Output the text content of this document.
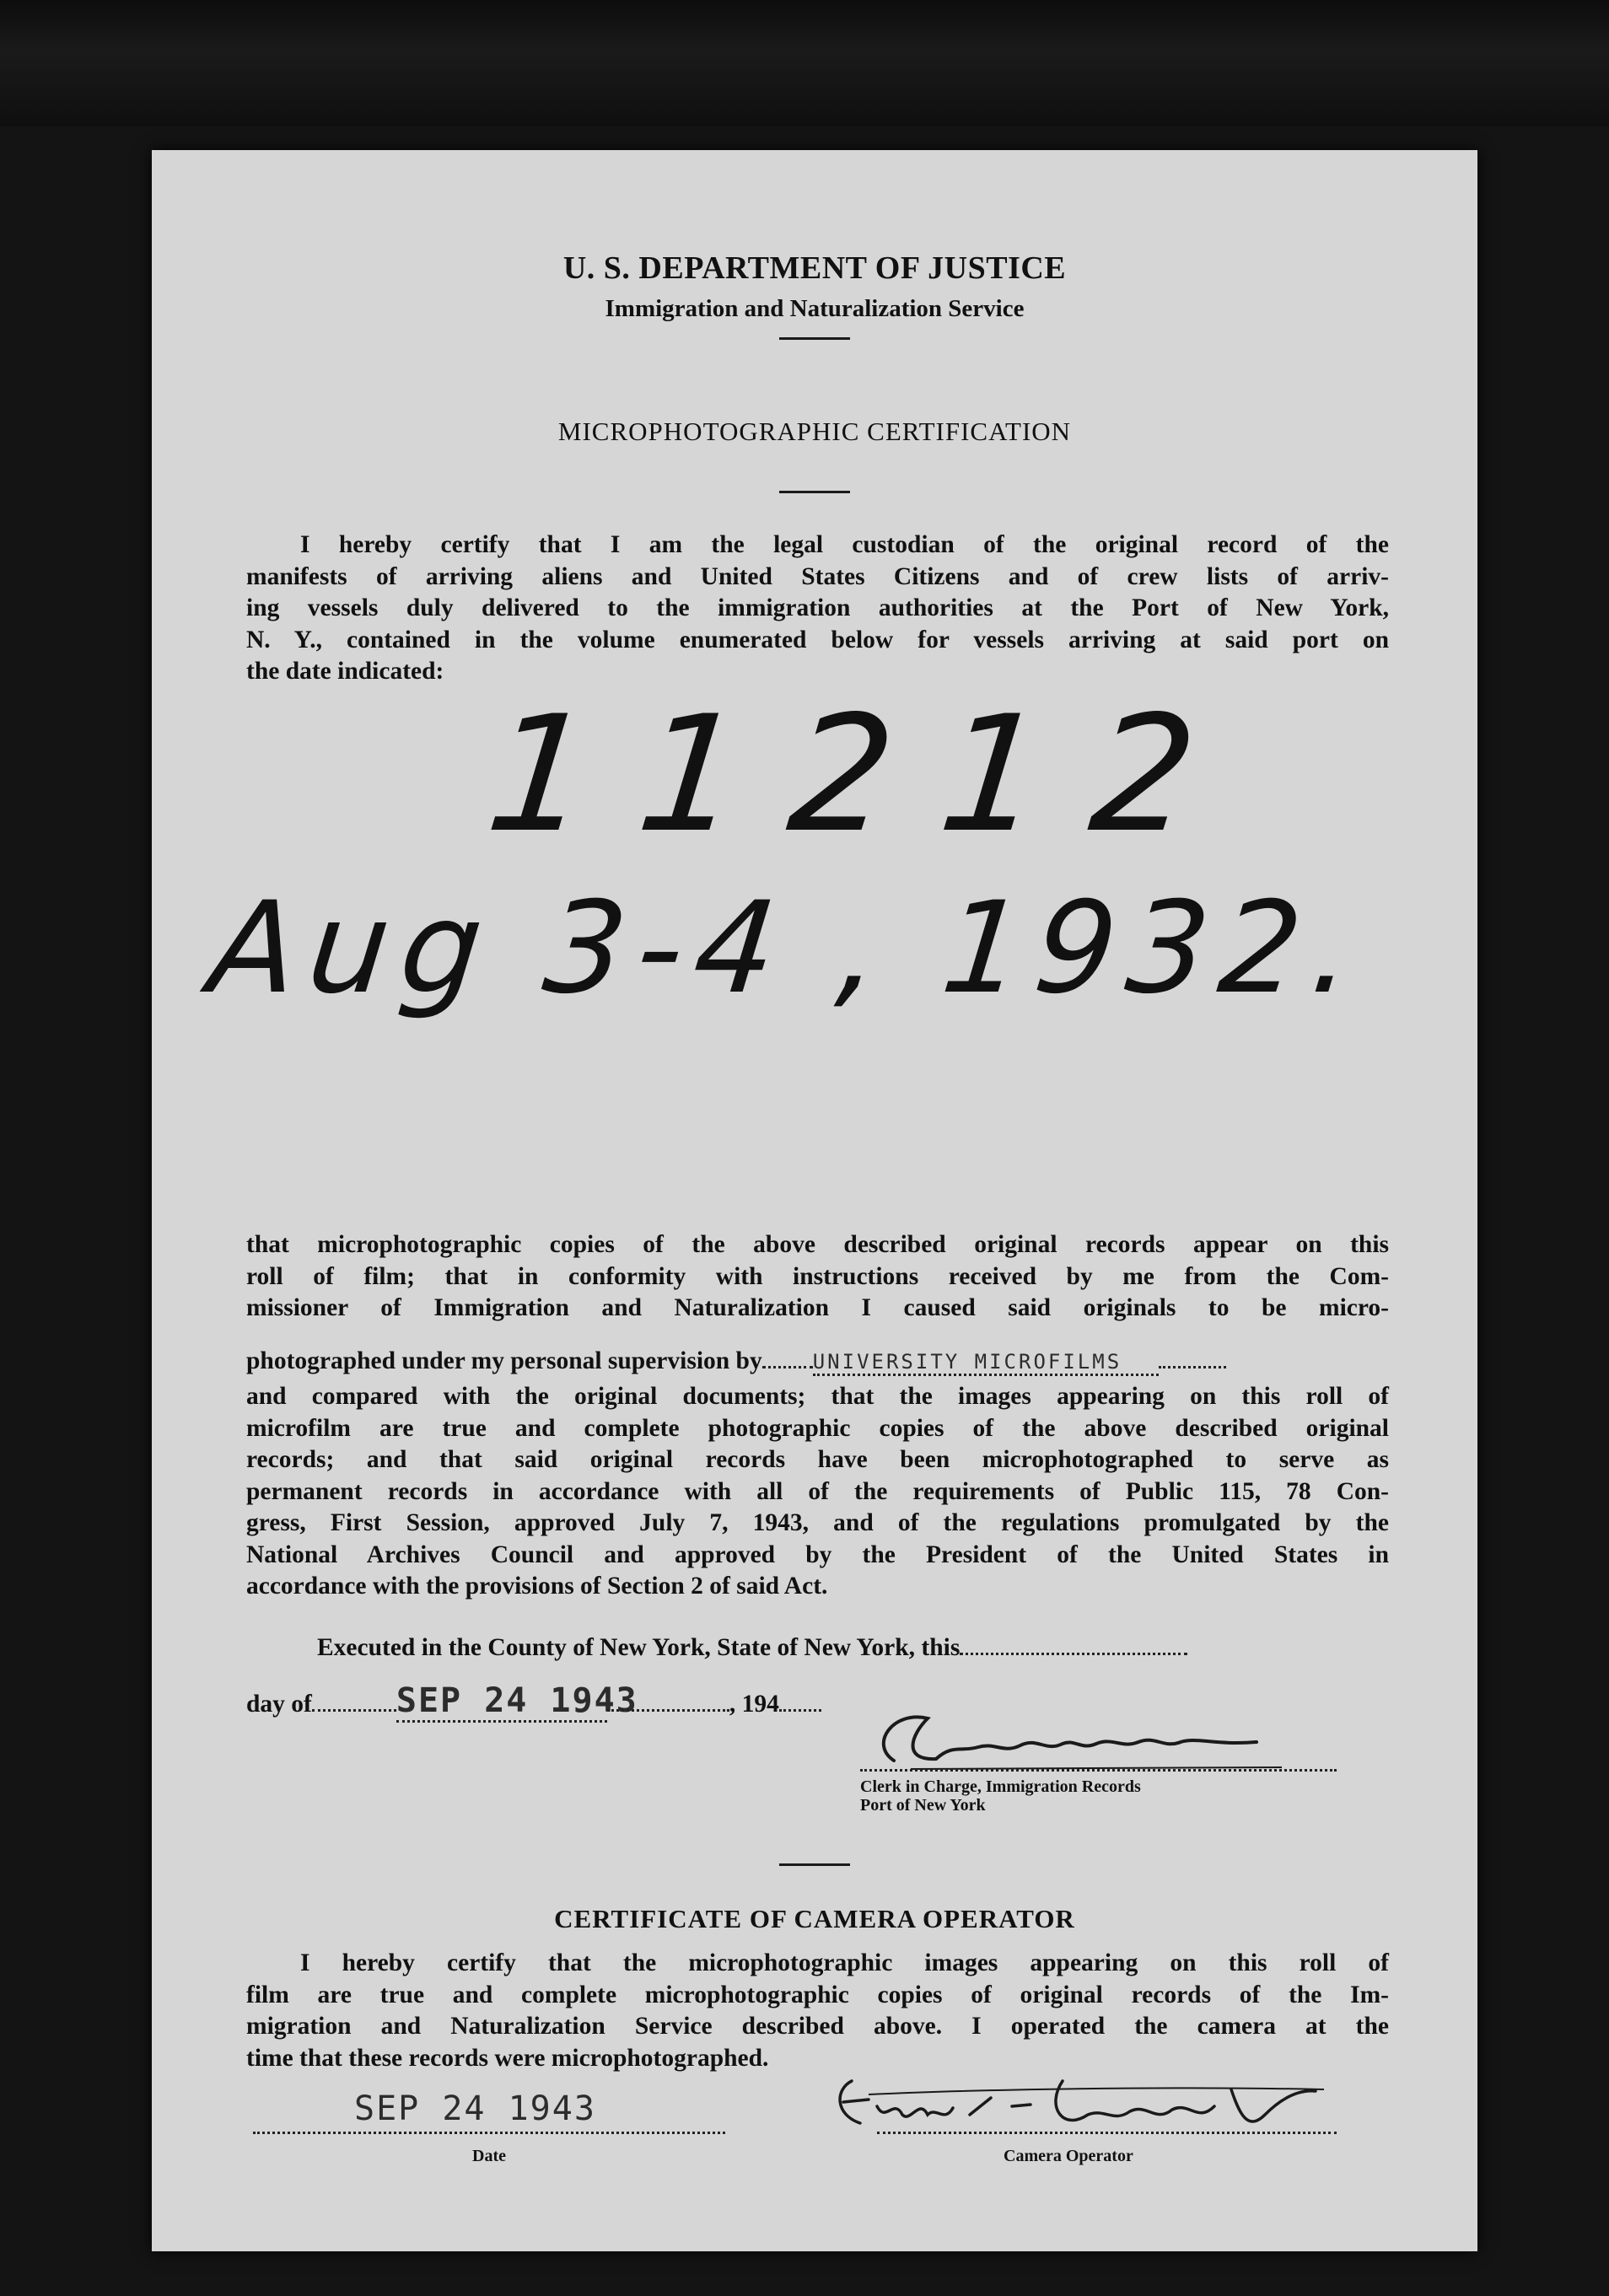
U. S. DEPARTMENT OF JUSTICE
Immigration and Naturalization Service
MICROPHOTOGRAPHIC CERTIFICATION
I hereby certify that I am the legal custodian of the original record of the
manifests of arriving aliens and United States Citizens and of crew lists of arriv-
ing vessels duly delivered to the immigration authorities at the Port of New York,
N. Y., contained in the volume enumerated below for vessels arriving at said port on
the date indicated:
11212
Aug 3-4 , 1932.
that microphotographic copies of the above described original records appear on this
roll of film; that in conformity with instructions received by me from the Com-
missioner of Immigration and Naturalization I caused said originals to be micro-
photographed under my personal supervision by	UNIVERSITY MICROFILMS
and compared with the original documents; that the images appearing on this roll of
microfilm are true and complete photographic copies of the above described original
records; and that said original records have been microphotographed to serve as
permanent records in accordance with all of the requirements of Public 115, 78 Con-
gress, First Session, approved July 7, 1943, and of the regulations promulgated by the
National Archives Council and approved by the President of the United States in
accordance with the provisions of Section 2 of said Act.
Executed in the County of New York, State of New York, this
day of	SEP 24 1943	, 194
Clerk in Charge, Immigration Records
Port of New York
CERTIFICATE OF CAMERA OPERATOR
I hereby certify that the microphotographic images appearing on this roll of
film are true and complete microphotographic copies of original records of the Im-
migration and Naturalization Service described above. I operated the camera at the
time that these records were microphotographed.
SEP 24 1943
Date	Camera Operator
